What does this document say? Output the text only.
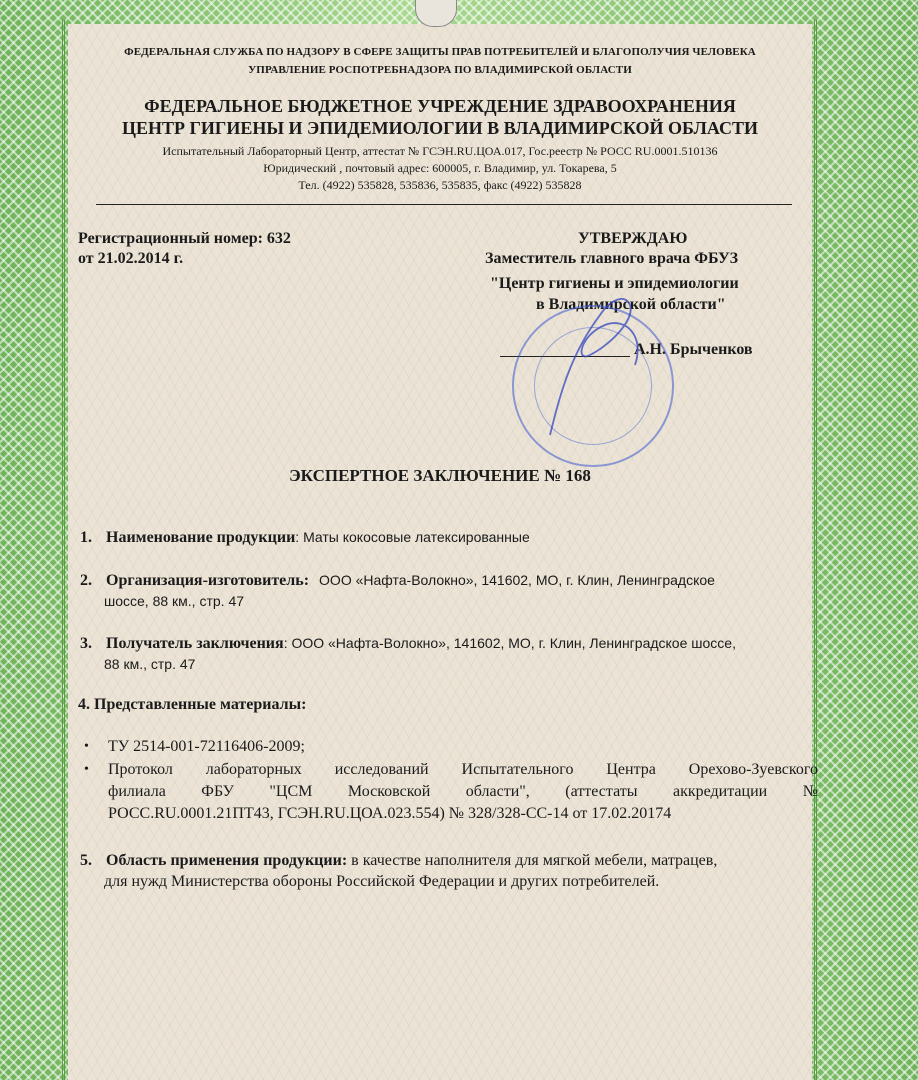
ФЕДЕРАЛЬНАЯ СЛУЖБА ПО НАДЗОРУ В СФЕРЕ ЗАЩИТЫ ПРАВ ПОТРЕБИТЕЛЕЙ И БЛАГОПОЛУЧИЯ ЧЕЛОВЕКА
УПРАВЛЕНИЕ РОСПОТРЕБНАДЗОРА ПО ВЛАДИМИРСКОЙ ОБЛАСТИ
ФЕДЕРАЛЬНОЕ БЮДЖЕТНОЕ УЧРЕЖДЕНИЕ ЗДРАВООХРАНЕНИЯ
ЦЕНТР ГИГИЕНЫ И ЭПИДЕМИОЛОГИИ В ВЛАДИМИРСКОЙ ОБЛАСТИ
Испытательный Лабораторный Центр, аттестат № ГСЭН.RU.ЦОА.017, Гос.реестр № РОСС RU.0001.510136
Юридический , почтовый адрес: 600005, г. Владимир, ул. Токарева, 5
Тел. (4922) 535828, 535836, 535835, факс (4922) 535828
Регистрационный номер: 632
от 21.02.2014 г.
УТВЕРЖДАЮ
Заместитель главного врача ФБУЗ
"Центр гигиены и эпидемиологии
в Владимирской области"
А.Н. Брыченков
ЭКСПЕРТНОЕ ЗАКЛЮЧЕНИЕ № 168
1. Наименование продукции: Маты кокосовые латексированные
2. Организация-изготовитель: ООО «Нафта-Волокно», 141602, МО, г. Клин, Ленинградское
шоссе, 88 км., стр. 47
3. Получатель заключения: ООО «Нафта-Волокно», 141602, МО, г. Клин, Ленинградское шоссе,
88 км., стр. 47
4. Представленные материалы:
• ТУ 2514-001-72116406-2009;
• Протокол лабораторных исследований Испытательного Центра Орехово-Зуевского
филиала ФБУ "ЦСМ Московской области", (аттестаты аккредитации №
РОСС.RU.0001.21ПТ43, ГСЭН.RU.ЦОА.023.554) № 328/328-СС-14 от 17.02.20174
5. Область применения продукции: в качестве наполнителя для мягкой мебели, матрацев,
для нужд Министерства обороны Российской Федерации и других потребителей.
